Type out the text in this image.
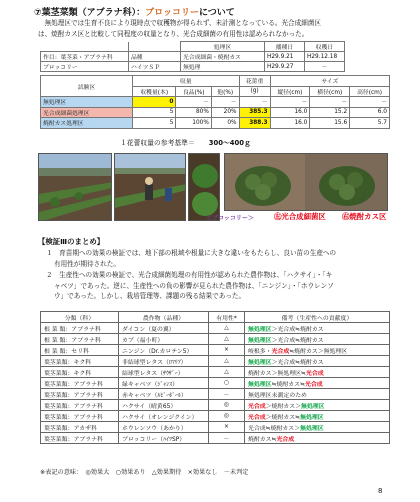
⑦葉茎菜類（アブラナ科）：ブロッコリーについて
　無処理区では生育不良により現時点で収穫物が得られず、未計測となっている。光合成細菌区
は、焼酎カス区と比較して同程度の収量となり、光合成細菌の有用性は認められなかった。
		処理区	播種日	収穫日
作目：葉茎菜・アブラナ科	品種	光合成細菌・焼酎カス	H29.9.21	H29.12.18
ブロッコリー	ハイツＳＰ	無処理	H29.9.27	－
試験区	収量			花蕾重	サイズ		
	収穫量(本)	良品(%)	他(%)	(g)	縦径(cm)	横径(cm)	高径(cm)
無処理区	0	－	－	－	－	－	－
光合成細菌処理区	5	80%	20%	385.3	16.0	15.2	6.0
焼酎カス処理区	5	100%	0%	388.3	16.0	15.6	5.7
１花蕾収量の参考基準＝ 300～400ｇ
＜ブロッコリー＞	㊧光合成細菌区 ㊨焼酎カス区
【検証Ⅲのまとめ】
１　育苗期への効果の検証では、地下部の根域や根量に大きな違いをもたらし、良い苗の生産への
有用性が期待された。
２　生産性への効果の検証で、光合成細菌処理の有用性が認められた農作物は、「ハクサイ」・「キ
ャベツ」であった。逆に、生産性への負の影響が見られた農作物は、「ニンジン」・「ホウレンソ
ウ」であった。しかし、栽培管理等、課題の残る結果であった。
分類（科）	農作物（品種）	有用性*	備考（生産性への貢献度）
根 菜 類：アブラナ科	ダイコン（夏の翼）	△	無処理区＞光合成≒焼酎カス
根 菜 類：アブラナ科	カブ（福小町）	△	無処理区＞光合成≒焼酎カス
根 菜 類：セリ科	ニンジン（Dr.カロテン5）	×	岐根多・光合成≒焼酎カス＞無処理区
葉茎菜類：キク科	非結球型レタス（ﾛﾏﾘｱ）	△	無処理区＞光合成≒焼酎カス
葉茎菜類：キク科	結球型レタス（ｻｳｻﾞｰ）	△	焼酎カス＞無処理区≒光合成
葉茎菜類：アブラナ科	緑キャベツ（ｼﾞｬﾝｽ）	○	無処理区≒焼酎カス≒光合成
葉茎菜類：アブラナ科	赤キャベツ（ﾙﾋﾞｰﾎﾞｰﾙ）	－	無処理区未測定のため
葉茎菜類：アブラナ科	ハクサイ（晴黄65）	◎	光合成＞焼酎カス＞無処理区
葉茎菜類：アブラナ科	ハクサイ（オレンジクイン）	◎	光合成＞焼酎カス≒無処理区
葉茎菜類：アカザ科	ホウレンソウ（あかり）	×	光合成≒焼酎カス＞無処理区
葉茎菜類：アブラナ科	ブロッコリー（ﾊｲﾂSP）	－	焼酎カス≒光合成
※表記の意味：　◎効果大　○効果あり　△効果期待　×効果なし　－未判定
8
